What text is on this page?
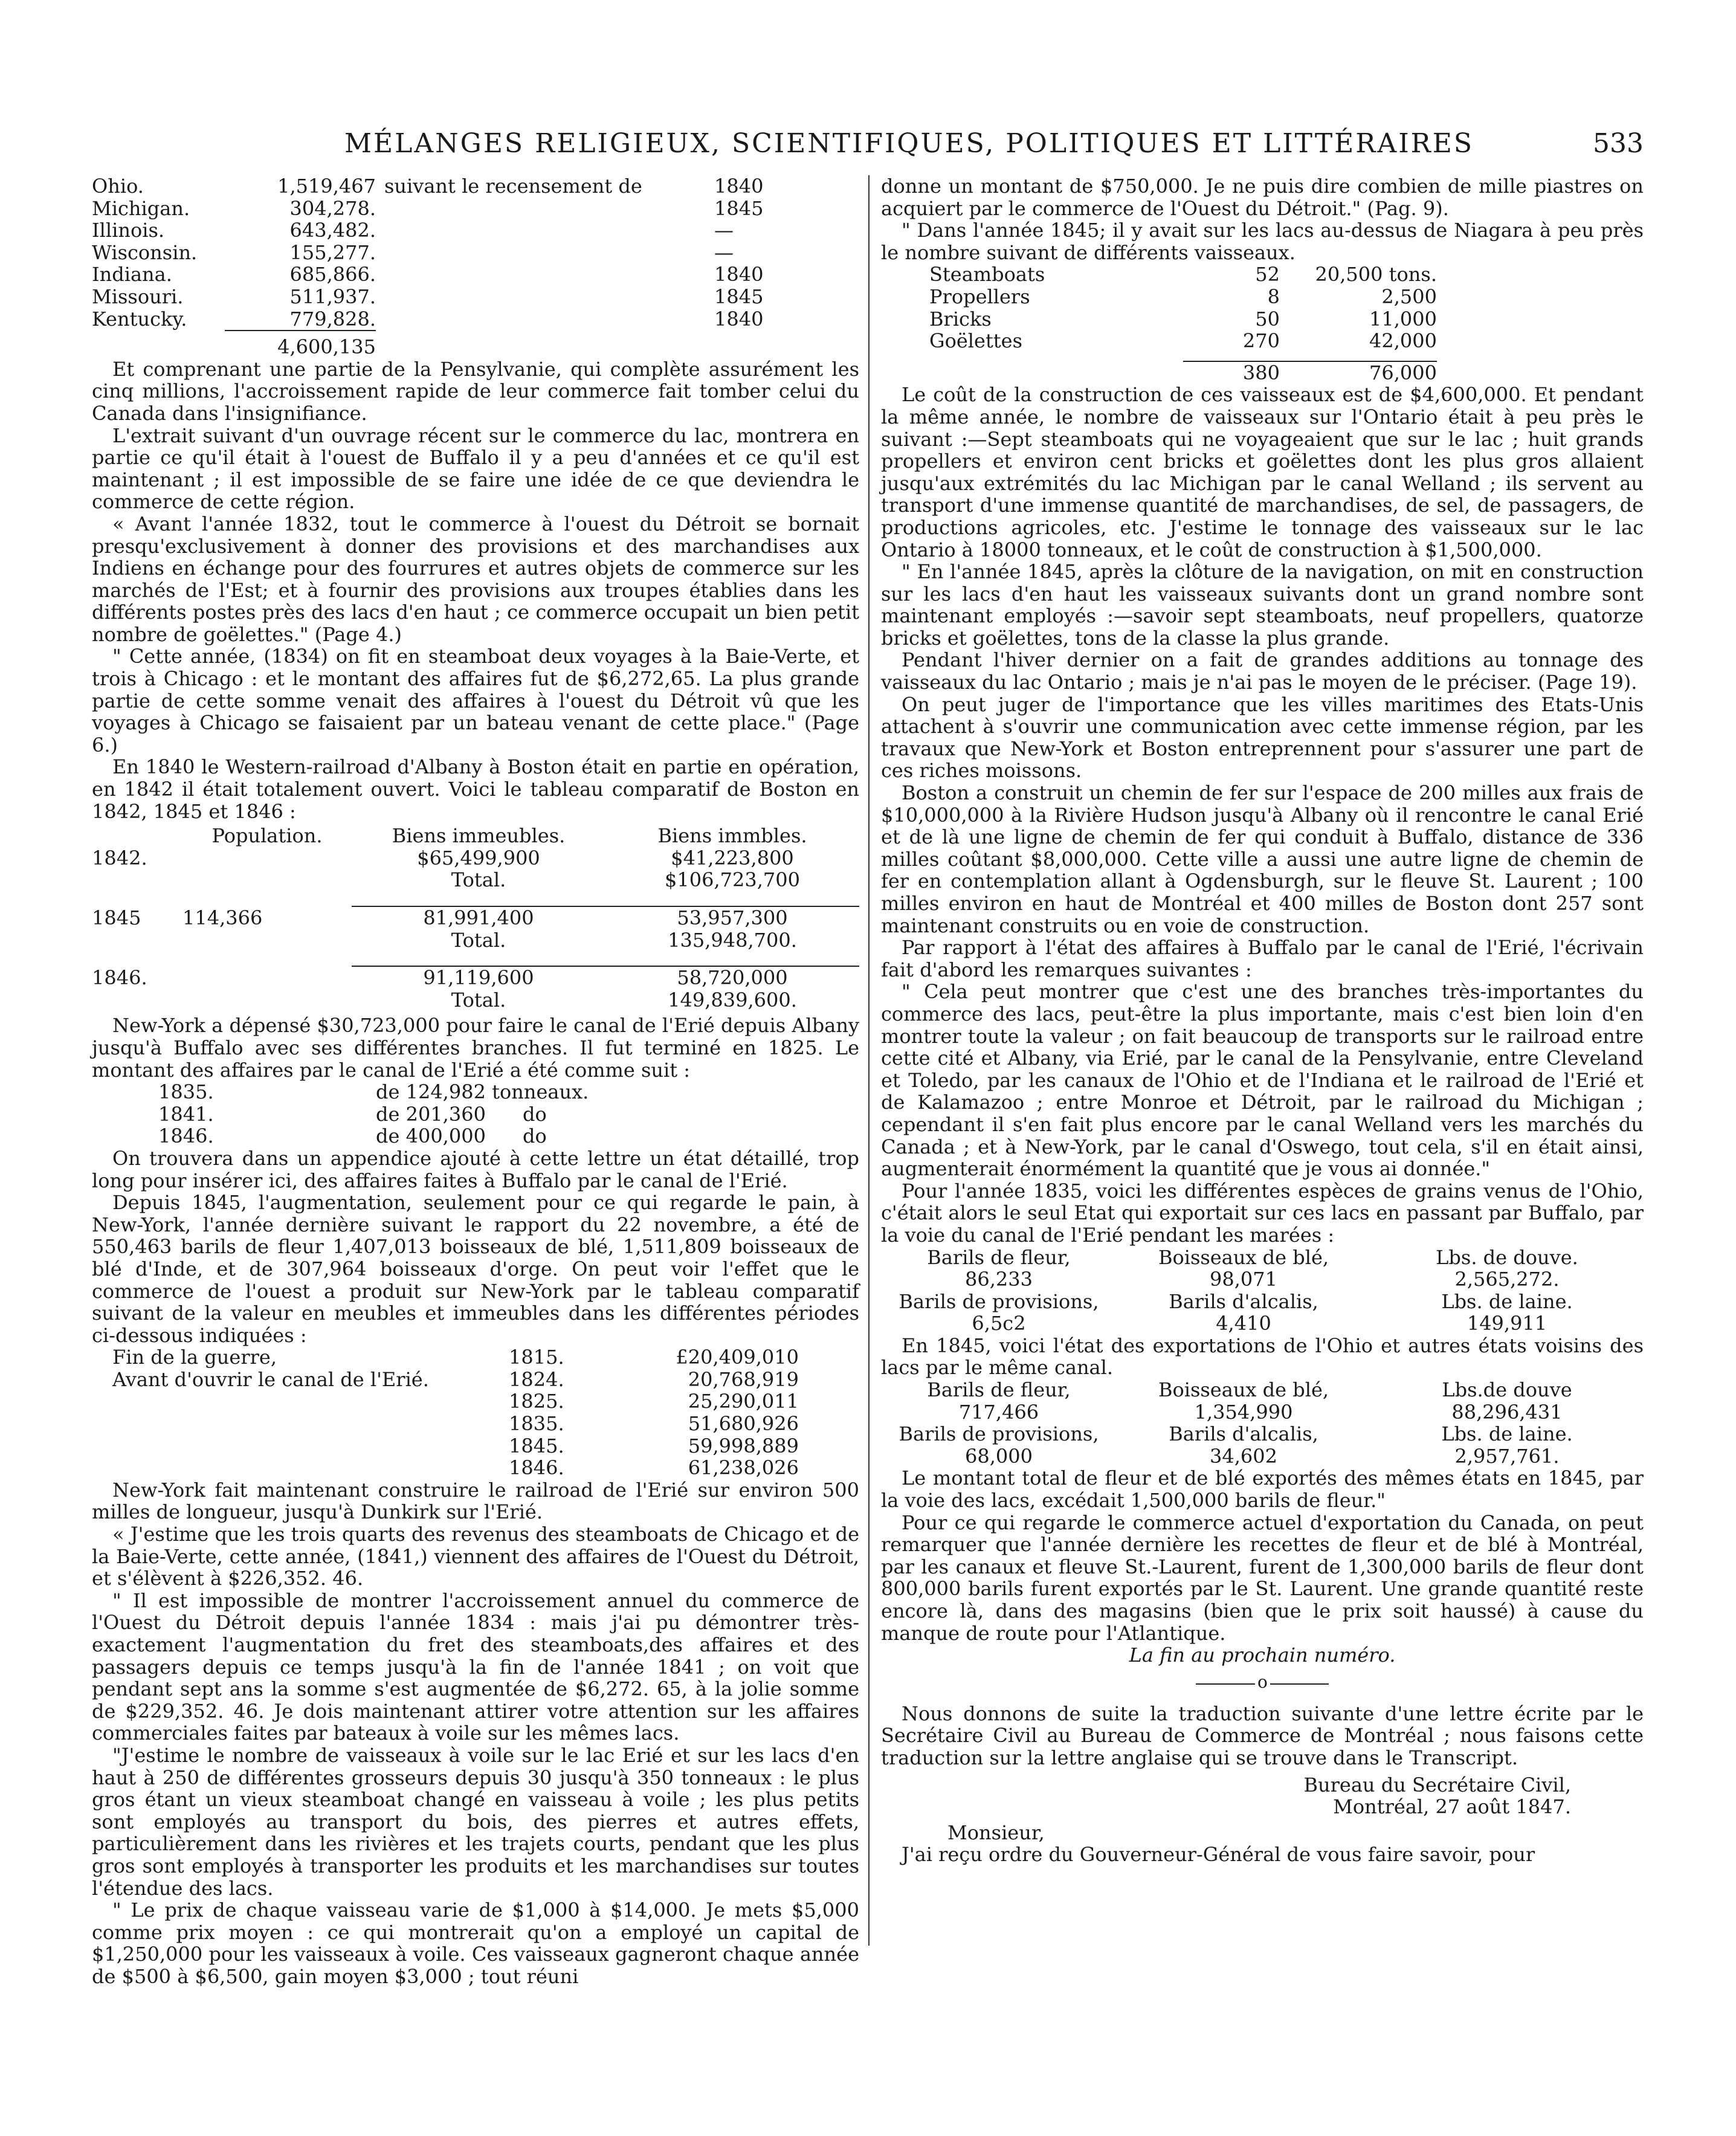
MÉLANGES RELIGIEUX, SCIENTIFIQUES, POLITIQUES ET LITTÉRAIRES	533
Ohio.	1,519,467	suivant le recensement de	1840
Michigan.	304,278.		1845
Illinois.	643,482.		—
Wisconsin.	155,277.		—
Indiana.	685,866.		1840
Missouri.	511,937.		1845
Kentucky.	779,828.		1840
	4,600,135		

Et comprenant une partie de la Pensylvanie, qui complète assurément les cinq millions, l'accroissement rapide de leur commerce fait tomber celui du Canada dans l'insignifiance.

L'extrait suivant d'un ouvrage récent sur le commerce du lac, montrera en partie ce qu'il était à l'ouest de Buffalo il y a peu d'années et ce qu'il est maintenant ; il est impossible de se faire une idée de ce que deviendra le commerce de cette région.

« Avant l'année 1832, tout le commerce à l'ouest du Détroit se bornait presqu'exclusivement à donner des provisions et des marchandises aux Indiens en échange pour des fourrures et autres objets de commerce sur les marchés de l'Est; et à fournir des provisions aux troupes établies dans les différents postes près des lacs d'en haut ; ce commerce occupait un bien petit nombre de goëlettes." (Page 4.)

" Cette année, (1834) on fit en steamboat deux voyages à la Baie-Verte, et trois à Chicago : et le montant des affaires fut de $6,272,65. La plus grande partie de cette somme venait des affaires à l'ouest du Détroit vû que les voyages à Chicago se faisaient par un bateau venant de cette place." (Page 6.)

En 1840 le Western-railroad d'Albany à Boston était en partie en opération, en 1842 il était totalement ouvert. Voici le tableau comparatif de Boston en 1842, 1845 et 1846 :

	Population.	Biens immeubles.	Biens immbles.
1842.		$65,499,900	$41,223,800
		Total.	$106,723,700

1845	114,366	81,991,400	53,957,300
		Total.	135,948,700.

1846.		91,119,600	58,720,000
		Total.	149,839,600.

New-York a dépensé $30,723,000 pour faire le canal de l'Erié depuis Albany jusqu'à Buffalo avec ses différentes branches. Il fut terminé en 1825. Le montant des affaires par le canal de l'Erié a été comme suit :

	1835.	de 124,982 tonneaux.
	1841.	de 201,360      do
	1846.	de 400,000      do

On trouvera dans un appendice ajouté à cette lettre un état détaillé, trop long pour insérer ici, des affaires faites à Buffalo par le canal de l'Erié.

Depuis 1845, l'augmentation, seulement pour ce qui regarde le pain, à New-York, l'année dernière suivant le rapport du 22 novembre, a été de 550,463 barils de fleur 1,407,013 boisseaux de blé, 1,511,809 boisseaux de blé d'Inde, et de 307,964 boisseaux d'orge. On peut voir l'effet que le commerce de l'ouest a produit sur New-York par le tableau comparatif suivant de la valeur en meubles et immeubles dans les différentes périodes ci-dessous indiquées :

Fin de la guerre,	1815.	£20,409,010
Avant d'ouvrir le canal de l'Erié.	1824.	20,768,919
	1825.	25,290,011
	1835.	51,680,926
	1845.	59,998,889
	1846.	61,238,026

New-York fait maintenant construire le railroad de l'Erié sur environ 500 milles de longueur, jusqu'à Dunkirk sur l'Erié.

« J'estime que les trois quarts des revenus des steamboats de Chicago et de la Baie-Verte, cette année, (1841,) viennent des affaires de l'Ouest du Détroit, et s'élèvent à $226,352. 46.

" Il est impossible de montrer l'accroissement annuel du commerce de l'Ouest du Détroit depuis l'année 1834 : mais j'ai pu démontrer très-exactement l'augmentation du fret des steamboats,des affaires et des passagers depuis ce temps jusqu'à la fin de l'année 1841 ; on voit que pendant sept ans la somme s'est augmentée de $6,272. 65, à la jolie somme de $229,352. 46. Je dois maintenant attirer votre attention sur les affaires commerciales faites par bateaux à voile sur les mêmes lacs.

"J'estime le nombre de vaisseaux à voile sur le lac Erié et sur les lacs d'en haut à 250 de différentes grosseurs depuis 30 jusqu'à 350 tonneaux : le plus gros étant un vieux steamboat changé en vaisseau à voile ; les plus petits sont employés au transport du bois, des pierres et autres effets, particulièrement dans les rivières et les trajets courts, pendant que les plus gros sont employés à transporter les produits et les marchandises sur toutes l'étendue des lacs.

" Le prix de chaque vaisseau varie de $1,000 à $14,000. Je mets $5,000 comme prix moyen : ce qui montrerait qu'on a employé un capital de $1,250,000 pour les vaisseaux à voile. Ces vaisseaux gagneront chaque année de $500 à $6,500, gain moyen $3,000 ; tout réuni

donne un montant de $750,000. Je ne puis dire combien de mille piastres on acquiert par le commerce de l'Ouest du Détroit." (Pag. 9).

" Dans l'année 1845; il y avait sur les lacs au-dessus de Niagara à peu près le nombre suivant de différents vaisseaux.

	Steamboats	52	20,500 tons.	
	Propellers	8	2,500	
	Bricks	50	11,000	
	Goëlettes	270	42,000	

		380	76,000	

Le coût de la construction de ces vaisseaux est de $4,600,000. Et pendant la même année, le nombre de vaisseaux sur l'Ontario était à peu près le suivant :—Sept steamboats qui ne voyageaient que sur le lac ; huit grands propellers et environ cent bricks et goëlettes dont les plus gros allaient jusqu'aux extrémités du lac Michigan par le canal Welland ; ils servent au transport d'une immense quantité de marchandises, de sel, de passagers, de productions agricoles, etc. J'estime le tonnage des vaisseaux sur le lac Ontario à 18000 tonneaux, et le coût de construction à $1,500,000.

" En l'année 1845, après la clôture de la navigation, on mit en construction sur les lacs d'en haut les vaisseaux suivants dont un grand nombre sont maintenant employés :—savoir sept steamboats, neuf propellers, quatorze bricks et goëlettes, tons de la classe la plus grande.

Pendant l'hiver dernier on a fait de grandes additions au tonnage des vaisseaux du lac Ontario ; mais je n'ai pas le moyen de le préciser. (Page 19).

On peut juger de l'importance que les villes maritimes des Etats-Unis attachent à s'ouvrir une communication avec cette immense région, par les travaux que New-York et Boston entreprennent pour s'assurer une part de ces riches moissons.

Boston a construit un chemin de fer sur l'espace de 200 milles aux frais de $10,000,000 à la Rivière Hudson jusqu'à Albany où il rencontre le canal Erié et de là une ligne de chemin de fer qui conduit à Buffalo, distance de 336 milles coûtant $8,000,000. Cette ville a aussi une autre ligne de chemin de fer en contemplation allant à Ogdensburgh, sur le fleuve St. Laurent ; 100 milles environ en haut de Montréal et 400 milles de Boston dont 257 sont maintenant construits ou en voie de construction.

Par rapport à l'état des affaires à Buffalo par le canal de l'Erié, l'écrivain fait d'abord les remarques suivantes :

" Cela peut montrer que c'est une des branches très-importantes du commerce des lacs, peut-être la plus importante, mais c'est bien loin d'en montrer toute la valeur ; on fait beaucoup de transports sur le railroad entre cette cité et Albany, via Erié, par le canal de la Pensylvanie, entre Cleveland et Toledo, par les canaux de l'Ohio et de l'Indiana et le railroad de l'Erié et de Kalamazoo ; entre Monroe et Détroit, par le railroad du Michigan ; cependant il s'en fait plus encore par le canal Welland vers les marchés du Canada ; et à New-York, par le canal d'Oswego, tout cela, s'il en était ainsi, augmenterait énormément la quantité que je vous ai donnée."

Pour l'année 1835, voici les différentes espèces de grains venus de l'Ohio, c'était alors le seul Etat qui exportait sur ces lacs en passant par Buffalo, par la voie du canal de l'Erié pendant les marées :

Barils de fleur,	Boisseaux de blé,	Lbs. de douve.
86,233	98,071	2,565,272.
Barils de provisions,	Barils d'alcalis,	Lbs. de laine.
6,5c2	4,410	149,911

En 1845, voici l'état des exportations de l'Ohio et autres états voisins des lacs par le même canal.

Barils de fleur,	Boisseaux de blé,	Lbs.de douve
717,466	1,354,990	88,296,431
Barils de provisions,	Barils d'alcalis,	Lbs. de laine.
68,000	34,602	2,957,761.

Le montant total de fleur et de blé exportés des mêmes états en 1845, par la voie des lacs, excédait 1,500,000 barils de fleur."

Pour ce qui regarde le commerce actuel d'exportation du Canada, on peut remarquer que l'année dernière les recettes de fleur et de blé à Montréal, par les canaux et fleuve St.-Laurent, furent de 1,300,000 barils de fleur dont 800,000 barils furent exportés par le St. Laurent. Une grande quantité reste encore là, dans des magasins (bien que le prix soit haussé) à cause du manque de route pour l'Atlantique.

La fin au prochain numéro.

o

Nous donnons de suite la traduction suivante d'une lettre écrite par le Secrétaire Civil au Bureau de Commerce de Montréal ; nous faisons cette traduction sur la lettre anglaise qui se trouve dans le Transcript.

Bureau du Secrétaire Civil,

Montréal, 27 août 1847.

Monsieur,

J'ai reçu ordre du Gouverneur-Général de vous faire savoir, pour
